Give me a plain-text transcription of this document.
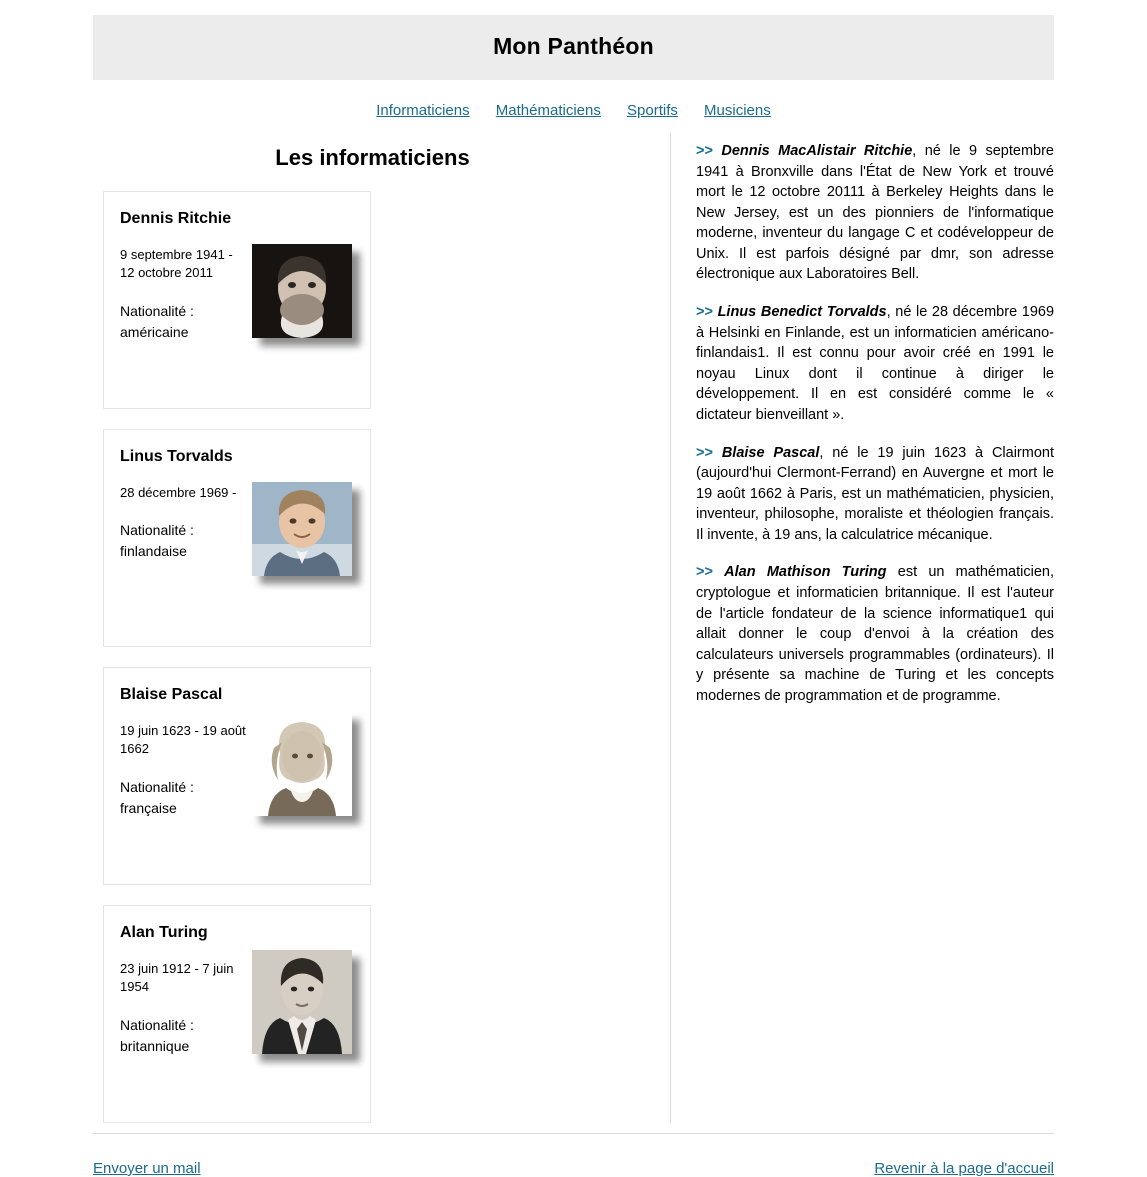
Mon Panthéon
Informaticiens Mathématiciens Sportifs Musiciens
Les informaticiens

Dennis Ritchie

9 septembre 1941 - 12 octobre 2011

Nationalité : américaine

Linus Torvalds

28 décembre 1969 -

Nationalité : finlandaise

Blaise Pascal

19 juin 1623 - 19 août 1662

Nationalité : française

Alan Turing

23 juin 1912 - 7 juin 1954

Nationalité : britannique

>> Dennis MacAlistair Ritchie, né le 9 septembre 1941 à Bronxville dans l'État de New York et trouvé mort le 12 octobre 20111 à Berkeley Heights dans le New Jersey, est un des pionniers de l'informatique moderne, inventeur du langage C et codéveloppeur de Unix. Il est parfois désigné par dmr, son adresse électronique aux Laboratoires Bell.

>> Linus Benedict Torvalds, né le 28 décembre 1969 à Helsinki en Finlande, est un informaticien américano-finlandais1. Il est connu pour avoir créé en 1991 le noyau Linux dont il continue à diriger le développement. Il en est considéré comme le « dictateur bienveillant ».

>> Blaise Pascal, né le 19 juin 1623 à Clairmont (aujourd'hui Clermont-Ferrand) en Auvergne et mort le 19 août 1662 à Paris, est un mathématicien, physicien, inventeur, philosophe, moraliste et théologien français. Il invente, à 19 ans, la calculatrice mécanique.

>> Alan Mathison Turing est un mathématicien, cryptologue et informaticien britannique. Il est l'auteur de l'article fondateur de la science informatique1 qui allait donner le coup d'envoi à la création des calculateurs universels programmables (ordinateurs). Il y présente sa machine de Turing et les concepts modernes de programmation et de programme.

Envoyer un mail	Revenir à la page d'accueil
